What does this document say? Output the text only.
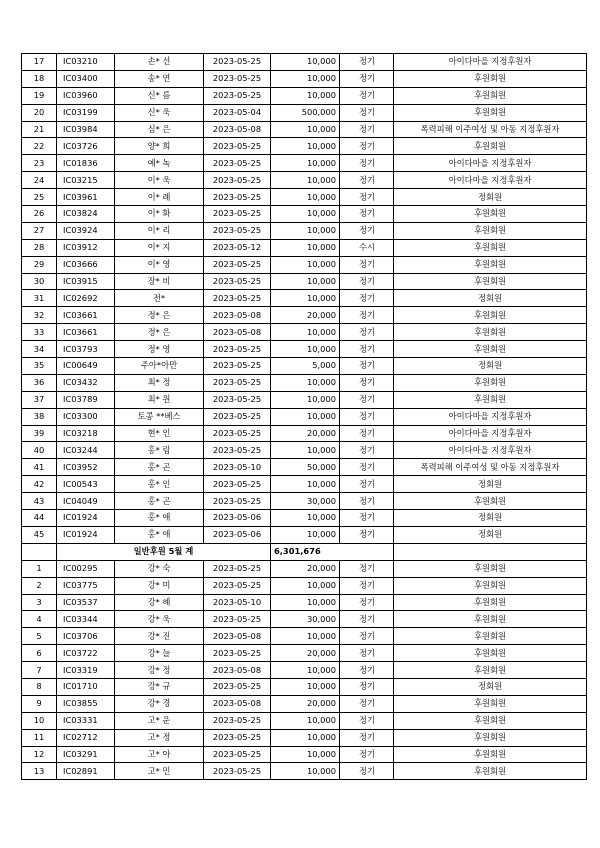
17	IC03210	손* 선	2023-05-25	10,000	정기	아이다마을 지정후원자
18	IC03400	송* 연	2023-05-25	10,000	정기	후원회원
19	IC03960	신* 름	2023-05-25	10,000	정기	후원회원
20	IC03199	신* 욱	2023-05-04	500,000	정기	후원회원
21	IC03984	심* 은	2023-05-08	10,000	정기	폭력피해 이주여성 및 아동 지정후원자
22	IC03726	양* 희	2023-05-25	10,000	정기	후원회원
23	IC01836	예* 녹	2023-05-25	10,000	정기	아이다마을 지정후원자
24	IC03215	이* 욱	2023-05-25	10,000	정기	아이다마을 지정후원자
25	IC03961	이* 례	2023-05-25	10,000	정기	정회원
26	IC03824	이* 화	2023-05-25	10,000	정기	후원회원
27	IC03924	이* 리	2023-05-25	10,000	정기	후원회원
28	IC03912	이* 지	2023-05-12	10,000	수시	후원회원
29	IC03666	이* 영	2023-05-25	10,000	정기	후원회원
30	IC03915	장* 비	2023-05-25	10,000	정기	후원회원
31	IC02692	전*	2023-05-25	10,000	정기	정회원
32	IC03661	정* 은	2023-05-08	20,000	정기	후원회원
33	IC03661	정* 은	2023-05-08	10,000	정기	후원회원
34	IC03793	정* 영	2023-05-25	10,000	정기	후원회원
35	IC00649	주아*아만	2023-05-25	5,000	정기	정회원
36	IC03432	최* 정	2023-05-25	10,000	정기	후원회원
37	IC03789	최* 원	2023-05-25	10,000	정기	후원회원
38	IC03300	토콩 **베스	2023-05-25	10,000	정기	아이다마을 지정후원자
39	IC03218	현* 인	2023-05-25	20,000	정기	아이다마을 지정후원자
40	IC03244	홍* 림	2023-05-25	10,000	정기	아이다마을 지정후원자
41	IC03952	홍* 곤	2023-05-10	50,000	정기	폭력피해 이주여성 및 아동 지정후원자
42	IC00543	홍* 인	2023-05-25	10,000	정기	정회원
43	IC04049	홍* 곤	2023-05-25	30,000	정기	후원회원
44	IC01924	홍* 애	2023-05-06	10,000	정기	정회원
45	IC01924	홍* 애	2023-05-06	10,000	정기	정회원
	일반후원 5월 계			6,301,676		
1	IC00295	강* 숙	2023-05-25	20,000	정기	후원회원
2	IC03775	강* 미	2023-05-25	10,000	정기	후원회원
3	IC03537	강* 혜	2023-05-10	10,000	정기	후원회원
4	IC03344	강* 욱	2023-05-25	30,000	정기	후원회원
5	IC03706	강* 진	2023-05-08	10,000	정기	후원회원
6	IC03722	강* 늘	2023-05-25	20,000	정기	후원회원
7	IC03319	강* 정	2023-05-08	10,000	정기	후원회원
8	IC01710	강* 규	2023-05-25	10,000	정기	정회원
9	IC03855	강* 경	2023-05-08	20,000	정기	후원회원
10	IC03331	고* 운	2023-05-25	10,000	정기	후원회원
11	IC02712	고* 정	2023-05-25	10,000	정기	후원회원
12	IC03291	고* 아	2023-05-25	10,000	정기	후원회원
13	IC02891	고* 민	2023-05-25	10,000	정기	후원회원
